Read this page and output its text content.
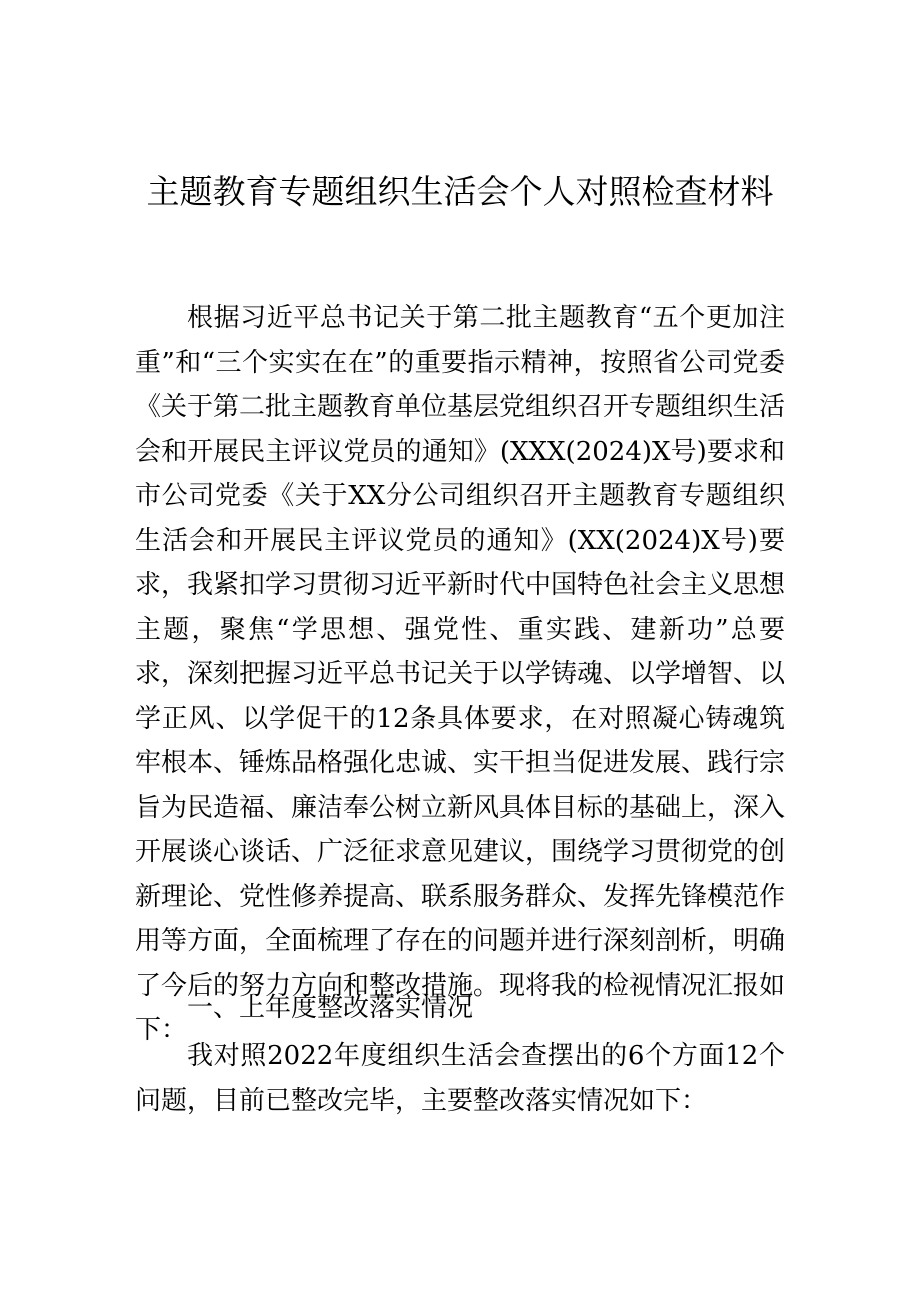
主题教育专题组织生活会个人对照检查材料
根据习近平总书记关于第二批主题教育“五个更加注重”和“三个实实在在”的重要指示精神，按照省公司党委《关于第二批主题教育单位基层党组织召开专题组织生活会和开展民主评议党员的通知》(XXX(2024)X号)要求和市公司党委《关于XX分公司组织召开主题教育专题组织生活会和开展民主评议党员的通知》(XX(2024)X号)要求，我紧扣学习贯彻习近平新时代中国特色社会主义思想主题，聚焦“学思想、强党性、重实践、建新功”总要求，深刻把握习近平总书记关于以学铸魂、以学增智、以学正风、以学促干的12条具体要求，在对照凝心铸魂筑牢根本、锤炼品格强化忠诚、实干担当促进发展、践行宗旨为民造福、廉洁奉公树立新风具体目标的基础上，深入开展谈心谈话、广泛征求意见建议，围绕学习贯彻党的创新理论、党性修养提高、联系服务群众、发挥先锋模范作用等方面，全面梳理了存在的问题并进行深刻剖析，明确了今后的努力方向和整改措施。现将我的检视情况汇报如下：
一、上年度整改落实情况
我对照2022年度组织生活会查摆出的6个方面12个问题，目前已整改完毕，主要整改落实情况如下：
